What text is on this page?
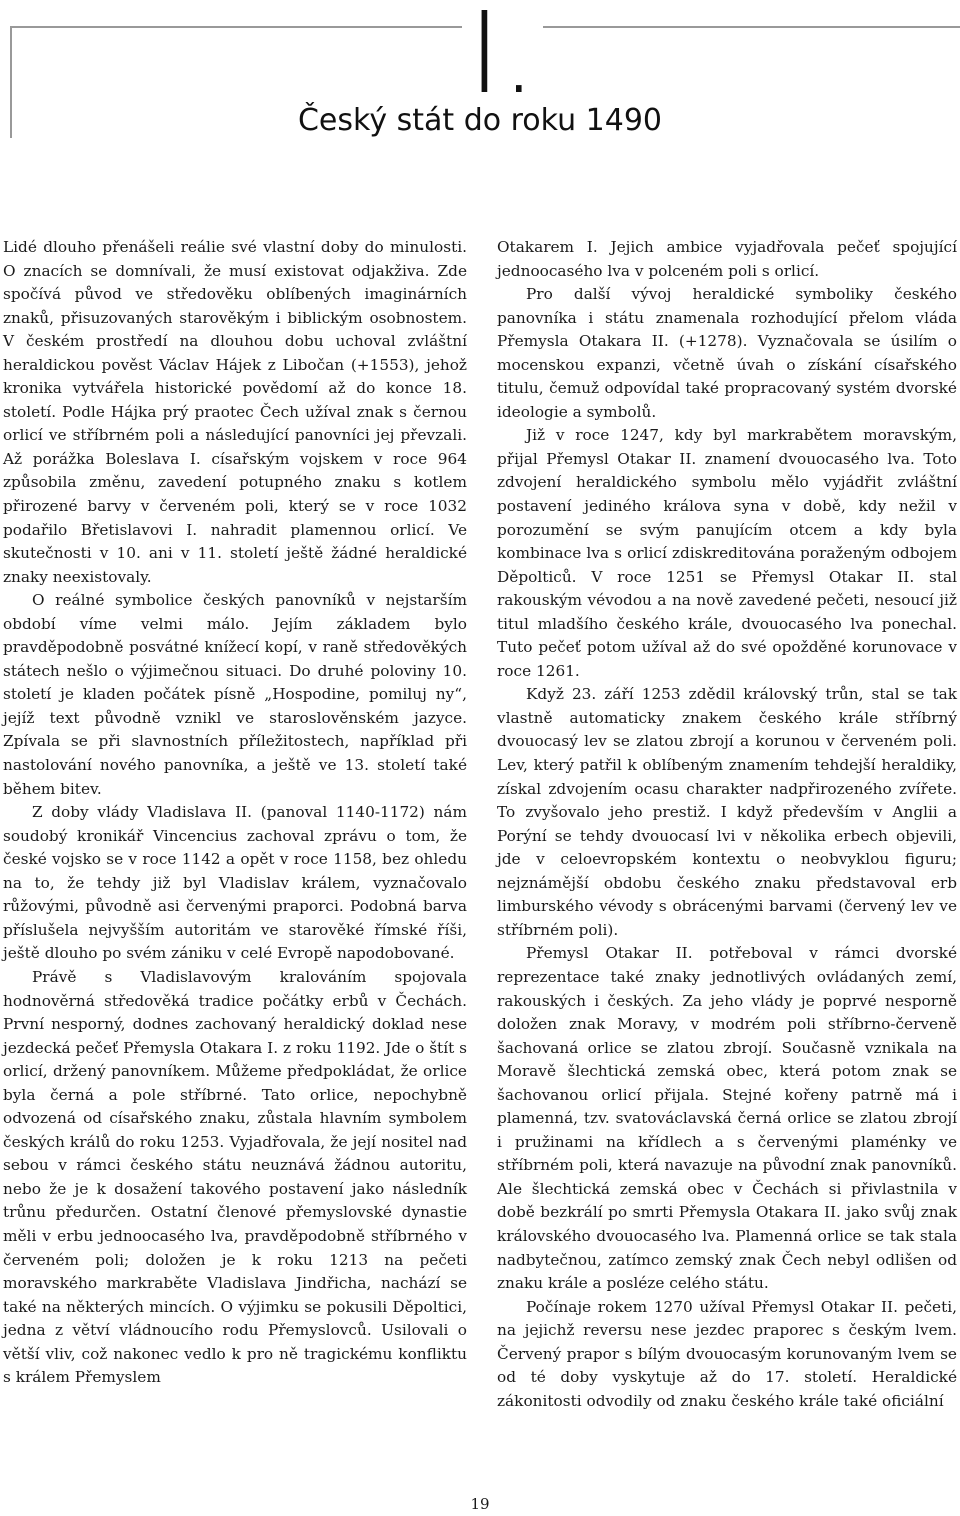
I.
Český stát do roku 1490

Lidé dlouho přenášeli reálie své vlastní doby do minulosti. O znacích se domnívali, že musí existovat odjakživa. Zde spočívá původ ve středověku oblíbených imaginárních znaků, přisuzovaných starověkým i biblickým osobnostem. V českém prostředí na dlouhou dobu uchoval zvláštní heraldickou pověst Václav Hájek z Libočan (+1553), jehož kronika vytvářela historické povědomí až do konce 18. století. Podle Hájka prý praotec Čech užíval znak s černou orlicí ve stříbrném poli a následující panovníci jej převzali. Až porážka Boleslava I. císařským vojskem v roce 964 způsobila změnu, zavedení potupného znaku s kotlem přirozené barvy v červeném poli, který se v roce 1032 podařilo Břetislavovi I. nahradit plamennou orlicí. Ve skutečnosti v 10. ani v 11. století ještě žádné heraldické znaky neexistovaly.

O reálné symbolice českých panovníků v nejstarším období víme velmi málo. Jejím základem bylo pravděpodobně posvátné knížecí kopí, v raně středověkých státech nešlo o výjimečnou situaci. Do druhé poloviny 10. století je kladen počátek písně „Hospodine, pomiluj ny“, jejíž text původně vznikl ve staroslověnském jazyce. Zpívala se při slavnostních příležitostech, například při nastolování nového panovníka, a ještě ve 13. století také během bitev.

Z doby vlády Vladislava II. (panoval 1140-1172) nám soudobý kronikář Vincencius zachoval zprávu o tom, že české vojsko se v roce 1142 a opět v roce 1158, bez ohledu na to, že tehdy již byl Vladislav králem, vyznačovalo růžovými, původně asi červenými praporci. Podobná barva příslušela nejvyšším autoritám ve starověké římské říši, ještě dlouho po svém zániku v celé Evropě napodobované.

Právě s Vladislavovým kralováním spojovala hodnověrná středověká tradice počátky erbů v Čechách. První nesporný, dodnes zachovaný heraldický doklad nese jezdecká pečeť Přemysla Otakara I. z roku 1192. Jde o štít s orlicí, držený panovníkem. Můžeme předpokládat, že orlice byla černá a pole stříbrné. Tato orlice, nepochybně odvozená od císařského znaku, zůstala hlavním symbolem českých králů do roku 1253. Vyjadřovala, že její nositel nad sebou v rámci českého státu neuznává žádnou autoritu, nebo že je k dosažení takového postavení jako následník trůnu předurčen. Ostatní členové přemyslovské dynastie měli v erbu jednoocasého lva, pravděpodobně stříbrného v červeném poli; doložen je k roku 1213 na pečeti moravského markraběte Vladislava Jindřicha, nachází se také na některých mincích. O výjimku se pokusili Děpoltici, jedna z větví vládnoucího rodu Přemyslovců. Usilovali o větší vliv, což nakonec vedlo k pro ně tragickému konfliktu s králem Přemyslem

Otakarem I. Jejich ambice vyjadřovala pečeť spojující jednoocasého lva v polceném poli s orlicí.

Pro další vývoj heraldické symboliky českého panovníka i státu znamenala rozhodující přelom vláda Přemysla Otakara II. (+1278). Vyznačovala se úsilím o mocenskou expanzi, včetně úvah o získání císařského titulu, čemuž odpovídal také propracovaný systém dvorské ideologie a symbolů.

Již v roce 1247, kdy byl markrabětem moravským, přijal Přemysl Otakar II. znamení dvouocasého lva. Toto zdvojení heraldického symbolu mělo vyjádřit zvláštní postavení jediného králova syna v době, kdy nežil v porozumění se svým panujícím otcem a kdy byla kombinace lva s orlicí zdiskreditována poraženým odbojem Děpolticů. V roce 1251 se Přemysl Otakar II. stal rakouským vévodou a na nově zavedené pečeti, nesoucí již titul mladšího českého krále, dvouocasého lva ponechal. Tuto pečeť potom užíval až do své opožděné korunovace v roce 1261.

Když 23. září 1253 zdědil královský trůn, stal se tak vlastně automaticky znakem českého krále stříbrný dvouocasý lev se zlatou zbrojí a korunou v červeném poli. Lev, který patřil k oblíbeným znamením tehdejší heraldiky, získal zdvojením ocasu charakter nadpřirozeného zvířete. To zvyšovalo jeho prestiž. I když především v Anglii a Porýní se tehdy dvouocasí lvi v několika erbech objevili, jde v celoevropském kontextu o neobvyklou figuru; nejznámější obdobu českého znaku představoval erb limburského vévody s obrácenými barvami (červený lev ve stříbrném poli).

Přemysl Otakar II. potřeboval v rámci dvorské reprezentace také znaky jednotlivých ovládaných zemí, rakouských i českých. Za jeho vlády je poprvé nesporně doložen znak Moravy, v modrém poli stříbrno-červeně šachovaná orlice se zlatou zbrojí. Současně vznikala na Moravě šlechtická zemská obec, která potom znak se šachovanou orlicí přijala. Stejné kořeny patrně má i plamenná, tzv. svatováclavská černá orlice se zlatou zbrojí i pružinami na křídlech a s červenými plaménky ve stříbrném poli, která navazuje na původní znak panovníků. Ale šlechtická zemská obec v Čechách si přivlastnila v době bezkrálí po smrti Přemysla Otakara II. jako svůj znak královského dvouocasého lva. Plamenná orlice se tak stala nadbytečnou, zatímco zemský znak Čech nebyl odlišen od znaku krále a posléze celého státu.

Počínaje rokem 1270 užíval Přemysl Otakar II. pečeti, na jejichž reversu nese jezdec praporec s českým lvem. Červený prapor s bílým dvouocasým korunovaným lvem se od té doby vyskytuje až do 17. století. Heraldické zákonitosti odvodily od znaku českého krále také oficiální

19
